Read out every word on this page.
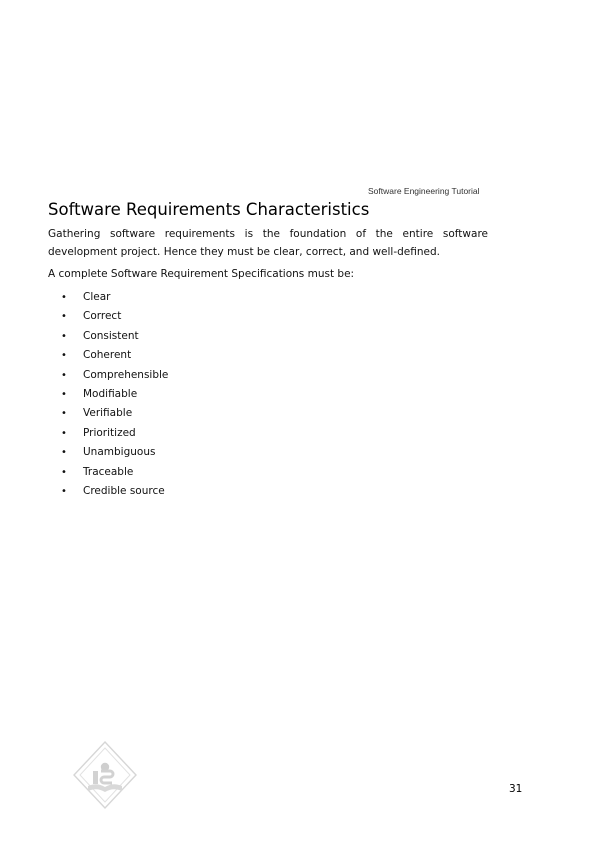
Software Engineering Tutorial
Software Requirements Characteristics

Gathering software requirements is the foundation of the entire software development project. Hence they must be clear, correct, and well-defined.

A complete Software Requirement Specifications must be:

• Clear
• Correct
• Consistent
• Coherent
• Comprehensible
• Modifiable
• Verifiable
• Prioritized
• Unambiguous
• Traceable
• Credible source
31
